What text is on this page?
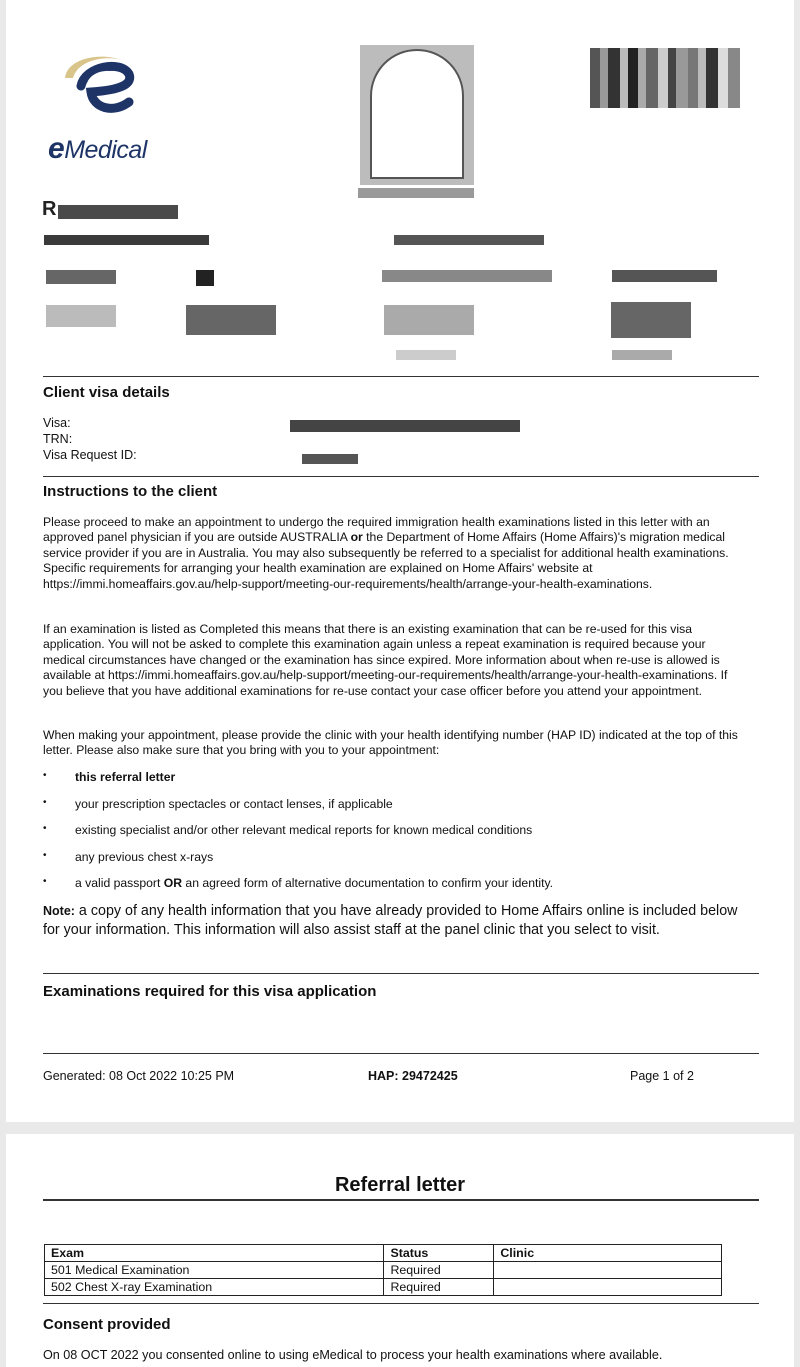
eMedical
R
Client visa details
Visa:
TRN:
Visa Request ID:
Instructions to the client
Please proceed to make an appointment to undergo the required immigration health examinations listed in this letter with an approved panel physician if you are outside AUSTRALIA or the Department of Home Affairs (Home Affairs)'s migration medical service provider if you are in Australia. You may also subsequently be referred to a specialist for additional health examinations. Specific requirements for arranging your health examination are explained on Home Affairs' website at https://immi.homeaffairs.gov.au/help-support/meeting-our-requirements/health/arrange-your-health-examinations.
If an examination is listed as Completed this means that there is an existing examination that can be re-used for this visa application. You will not be asked to complete this examination again unless a repeat examination is required because your medical circumstances have changed or the examination has since expired. More information about when re-use is allowed is available at https://immi.homeaffairs.gov.au/help-support/meeting-our-requirements/health/arrange-your-health-examinations. If you believe that you have additional examinations for re-use contact your case officer before you attend your appointment.
When making your appointment, please provide the clinic with your health identifying number (HAP ID) indicated at the top of this letter. Please also make sure that you bring with you to your appointment:
• this referral letter
• your prescription spectacles or contact lenses, if applicable
• existing specialist and/or other relevant medical reports for known medical conditions
• any previous chest x-rays
• a valid passport OR an agreed form of alternative documentation to confirm your identity.
Note: a copy of any health information that you have already provided to Home Affairs online is included below for your information. This information will also assist staff at the panel clinic that you select to visit.
Examinations required for this visa application
Generated: 08 Oct 2022 10:25 PM	HAP: 29472425	Page 1 of 2
Referral letter
Exam	Status	Clinic
501 Medical Examination	Required	
502 Chest X-ray Examination	Required	
Consent provided
On 08 OCT 2022 you consented online to using eMedical to process your health examinations where available.
